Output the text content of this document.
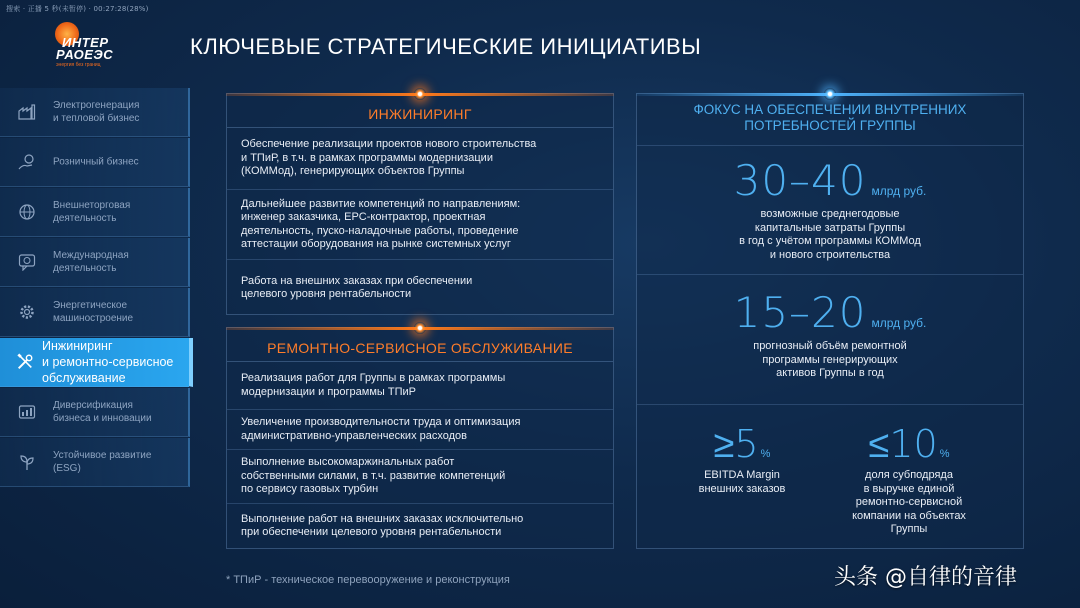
搜索 · 正播 5 秒(未暂停) · 00:27:28(28%)
ИНТЕР
РАОЕЭС
энергия без границ
КЛЮЧЕВЫЕ СТРАТЕГИЧЕСКИЕ ИНИЦИАТИВЫ
Электрогенерация
и тепловой бизнес
Розничный бизнес
Внешнеторговая
деятельность
Международная
деятельность
Энергетическое
машиностроение
Инжиниринг
и ремонтно-сервисное
обслуживание
Диверсификация
бизнеса и инновации
Устойчивое развитие
(ESG)
ИНЖИНИРИНГ
Обеспечение реализации проектов нового строительства
и ТПиР, в т.ч. в рамках программы модернизации
(КОММод), генерирующих объектов Группы
Дальнейшее развитие компетенций по направлениям:
инженер заказчика, EPC-контрактор, проектная
деятельность, пуско-наладочные работы, проведение
аттестации оборудования на рынке системных услуг
Работа на внешних заказах при обеспечении
целевого уровня рентабельности
РЕМОНТНО-СЕРВИСНОЕ ОБСЛУЖИВАНИЕ
Реализация работ для Группы в рамках программы
модернизации и программы ТПиР
Увеличение производительности труда и оптимизация
административно-управленческих расходов
Выполнение высокомаржинальных работ
собственными силами, в т.ч. развитие компетенций
по сервису газовых турбин
Выполнение работ на внешних заказах исключительно
при обеспечении целевого уровня рентабельности
ФОКУС НА ОБЕСПЕЧЕНИИ ВНУТРЕННИХ
ПОТРЕБНОСТЕЙ ГРУППЫ
30–40 млрд руб.
возможные среднегодовые
капитальные затраты Группы
в год с учётом программы КОММод
и нового строительства
15–20 млрд руб.
прогнозный объём ремонтной
программы генерирующих
активов Группы в год
≥5 %
EBITDA Margin
внешних заказов
≤10 %
доля субподряда
в выручке единой
ремонтно-сервисной
компании на объектах
Группы
* ТПиР - техническое перевооружение и реконструкция	头条 @自律的音律
